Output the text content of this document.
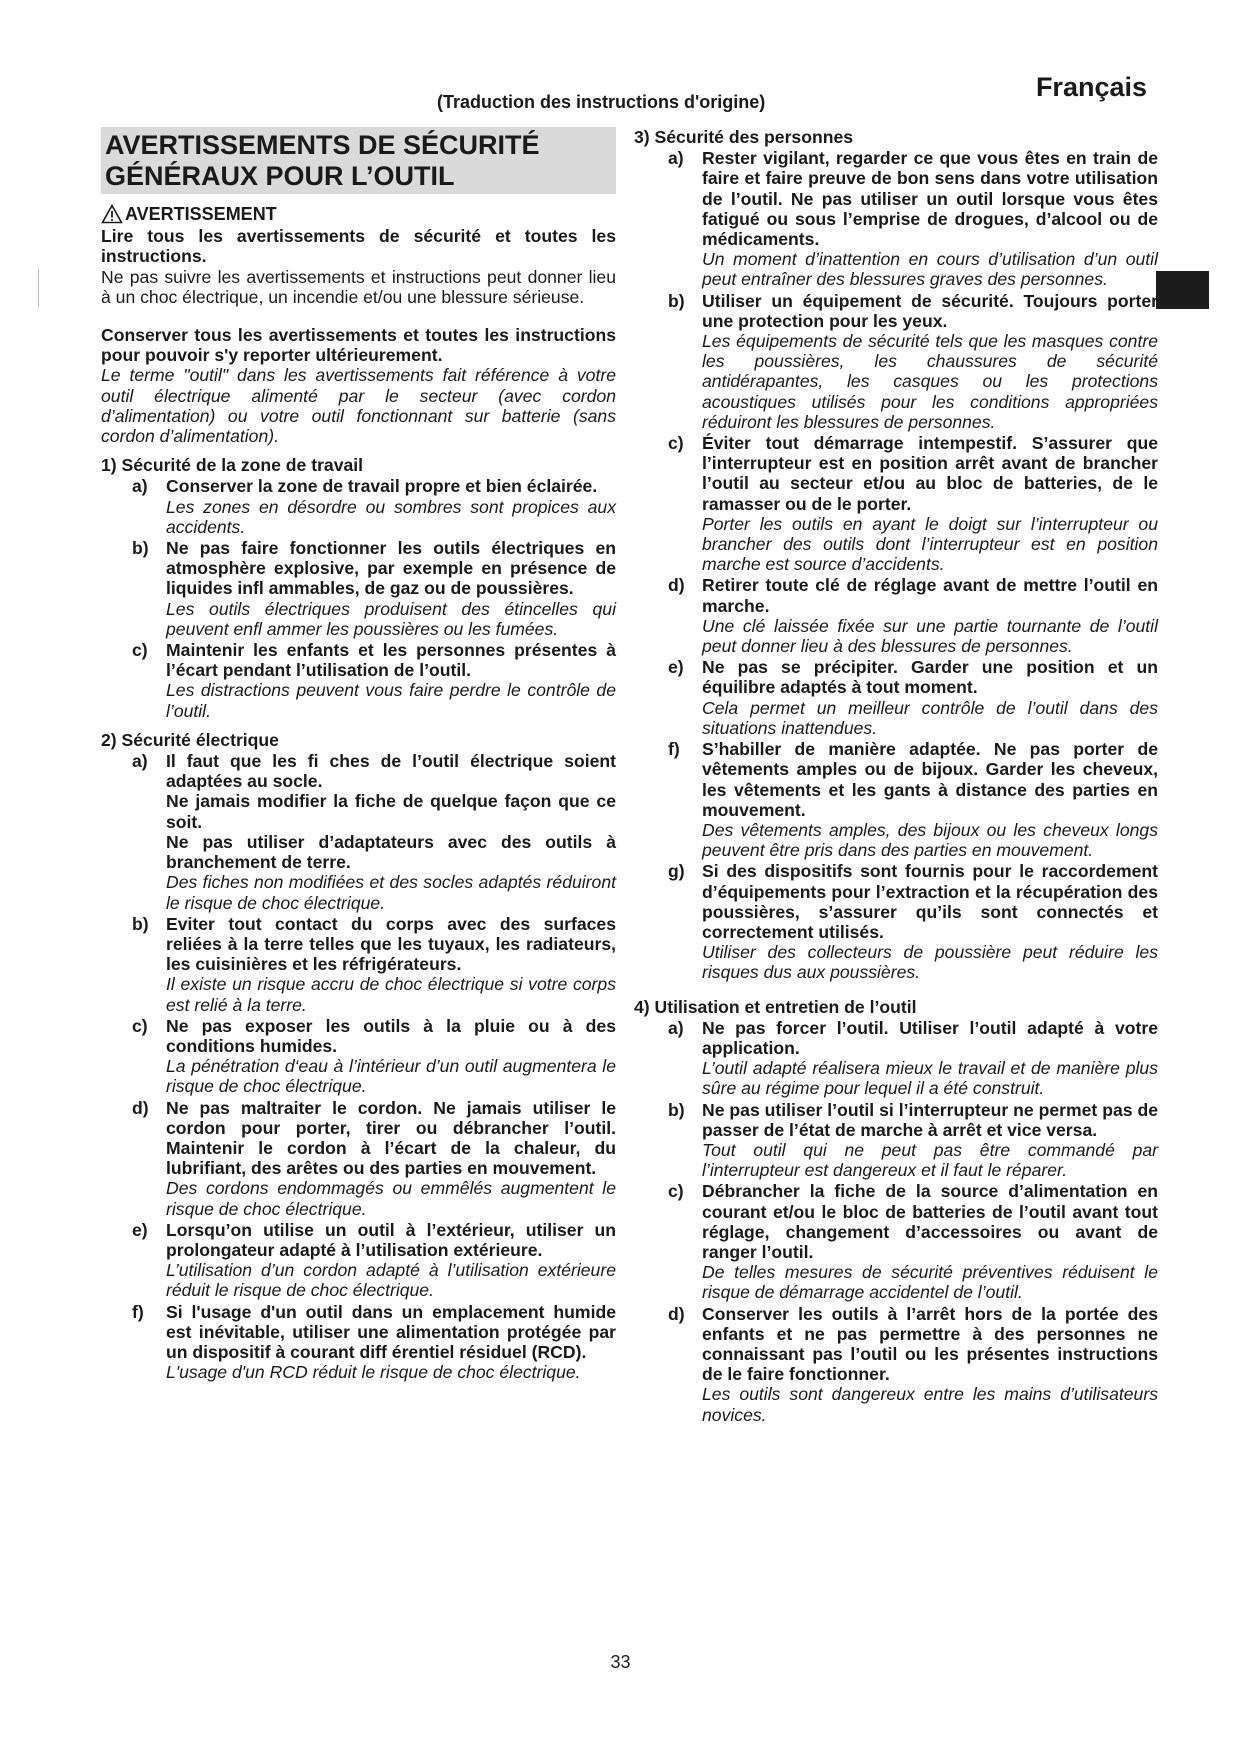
Français
(Traduction des instructions d'origine)
AVERTISSEMENTS DE SÉCURITÉ GÉNÉRAUX POUR L’OUTIL
AVERTISSEMENT
Lire tous les avertissements de sécurité et toutes les instructions.
Ne pas suivre les avertissements et instructions peut donner lieu à un choc électrique, un incendie et/ou une blessure sérieuse.
Conserver tous les avertissements et toutes les instructions pour pouvoir s'y reporter ultérieurement.
Le terme "outil" dans les avertissements fait référence à votre outil électrique alimenté par le secteur (avec cordon d’alimentation) ou votre outil fonctionnant sur batterie (sans cordon d’alimentation).
1) Sécurité de la zone de travail
a)	Conserver la zone de travail propre et bien éclairée.
Les zones en désordre ou sombres sont propices aux accidents.
b) Ne pas faire fonctionner les outils électriques en atmosphère explosive, par exemple en présence de liquides infl ammables, de gaz ou de poussières.
Les outils électriques produisent des étincelles qui peuvent enfl ammer les poussières ou les fumées.
c)	Maintenir les enfants et les personnes présentes à l’écart pendant l’utilisation de l’outil.
Les distractions peuvent vous faire perdre le contrôle de l’outil.
2) Sécurité électrique
a)	Il faut que les fi ches de l’outil électrique soient adaptées au socle.
Ne jamais modifier la fiche de quelque façon que ce soit.
Ne pas utiliser d’adaptateurs avec des outils à branchement de terre.
Des fiches non modifiées et des socles adaptés réduiront le risque de choc électrique.
b) Eviter tout contact du corps avec des surfaces reliées à la terre telles que les tuyaux, les radiateurs, les cuisinières et les réfrigérateurs.
Il existe un risque accru de choc électrique si votre corps est relié à la terre.
c)	Ne pas exposer les outils à la pluie ou à des conditions humides.
La pénétration d‘eau à l’intérieur d’un outil augmentera le risque de choc électrique.
d) Ne pas maltraiter le cordon. Ne jamais utiliser le cordon pour porter, tirer ou débrancher l’outil. Maintenir le cordon à l’écart de la chaleur, du lubrifiant, des arêtes ou des parties en mouvement.
Des cordons endommagés ou emmêlés augmentent le risque de choc électrique.
e)	Lorsqu’on utilise un outil à l’extérieur, utiliser un prolongateur adapté à l’utilisation extérieure.
L’utilisation d’un cordon adapté à l’utilisation extérieure réduit le risque de choc électrique.
f)	Si l'usage d'un outil dans un emplacement humide est inévitable, utiliser une alimentation protégée par un dispositif à courant diff érentiel résiduel (RCD).
L'usage d'un RCD réduit le risque de choc électrique.
3) Sécurité des personnes
a)	Rester vigilant, regarder ce que vous êtes en train de faire et faire preuve de bon sens dans votre utilisation de l’outil. Ne pas utiliser un outil lorsque vous êtes fatigué ou sous l’emprise de drogues, d’alcool ou de médicaments.
Un moment d’inattention en cours d’utilisation d’un outil peut entraîner des blessures graves des personnes.
b) Utiliser un équipement de sécurité. Toujours porter une protection pour les yeux.
Les équipements de sécurité tels que les masques contre les poussières, les chaussures de sécurité antidérapantes, les casques ou les protections acoustiques utilisés pour les conditions appropriées réduiront les blessures de personnes.
c)	Éviter tout démarrage intempestif. S’assurer que l’interrupteur est en position arrêt avant de brancher l’outil au secteur et/ou au bloc de batteries, de le ramasser ou de le porter.
Porter les outils en ayant le doigt sur l’interrupteur ou brancher des outils dont l’interrupteur est en position marche est source d’accidents.
d) Retirer toute clé de réglage avant de mettre l’outil en marche.
Une clé laissée fixée sur une partie tournante de l’outil peut donner lieu à des blessures de personnes.
e)	Ne pas se précipiter. Garder une position et un équilibre adaptés à tout moment.
Cela permet un meilleur contrôle de l’outil dans des situations inattendues.
f)	S’habiller de manière adaptée. Ne pas porter de vêtements amples ou de bijoux. Garder les cheveux, les vêtements et les gants à distance des parties en mouvement.
Des vêtements amples, des bijoux ou les cheveux longs peuvent être pris dans des parties en mouvement.
g) Si des dispositifs sont fournis pour le raccordement d’équipements pour l’extraction et la récupération des poussières, s’assurer qu’ils sont connectés et correctement utilisés.
Utiliser des collecteurs de poussière peut réduire les risques dus aux poussières.
4) Utilisation et entretien de l’outil
a)	Ne pas forcer l’outil. Utiliser l’outil adapté à votre application.
L’outil adapté réalisera mieux le travail et de manière plus sûre au régime pour lequel il a été construit.
b) Ne pas utiliser l’outil si l’interrupteur ne permet pas de passer de l’état de marche à arrêt et vice versa.
Tout outil qui ne peut pas être commandé par l’interrupteur est dangereux et il faut le réparer.
c)	Débrancher la fiche de la source d’alimentation en courant et/ou le bloc de batteries de l’outil avant tout réglage, changement d’accessoires ou avant de ranger l’outil.
De telles mesures de sécurité préventives réduisent le risque de démarrage accidentel de l’outil.
d) Conserver les outils à l’arrêt hors de la portée des enfants et ne pas permettre à des personnes ne connaissant pas l’outil ou les présentes instructions de le faire fonctionner.
Les outils sont dangereux entre les mains d’utilisateurs novices.
33
